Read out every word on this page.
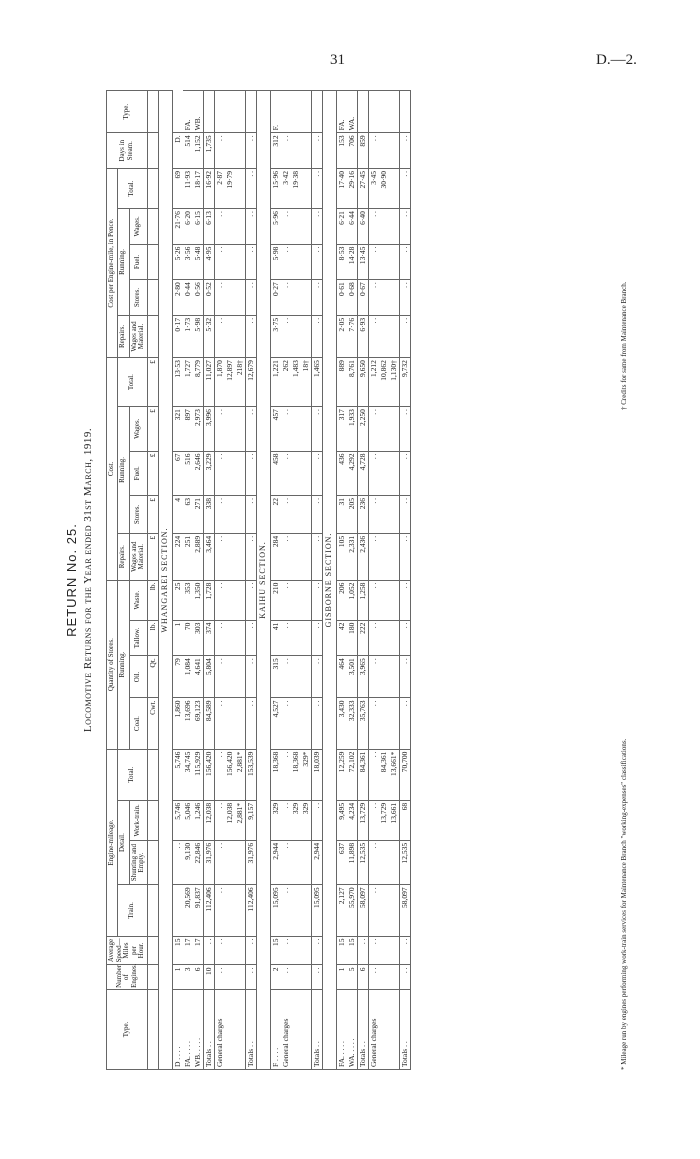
31	D.—2.
RETURN No. 25. Locomotive Returns for the Year ended 31st March, 1919.
Type.	Number of Engines.	Average Speed—Miles per Hour.	Engine-mileage.				Quantity of Stores.				Cost.					Cost per Engine-mile, in Pence.					Days in Steam.	Type.
			Train.	Detail.		Total.	Running.				Repairs.	Running.			Total.	Repairs.	Running.			Total.		
				Shunting and Empty.	Work-train.		Coal.	Oil.	Tallow.	Waste.	Wages and Material.	Stores.	Fuel.	Wages.		Wages and Material.	Stores.	Fuel.	Wages.			
							Cwt.	Qt.	lb.	lb.	£	£	£	£	£							
WHANGAREI SECTION.																						
D . . . .	1	15		. .	5,746	5,746	1,860	79	1	25	224	4	67	321	13·53	0·17	2·80	5·26	21·76	69	D.	
FA. . . . .	3	17	20,569	9,130	5,046	34,745	13,696	1,084	70	353	251	63	516	897	1,727	1·73	0·44	3·56	6·20	11·93	514	FA.
WB. . . . .	6	17	91,837	22,846	1,246	115,929	69,123	4,641	303	1,350	2,889	271	2,646	2,973	8,779	5·98	0·56	5·48	6·15	18·17	1,152	WB.
Totals . .	10	. .	112,406	31,976	12,038	156,420	84,589	5,804	374	1,728	3,464	338	3,229	3,996	11,027	5·32	0·52	4·95	6·13	16·92	1,735	
General charges	. .	. .	. .	. .	. .	. .	. .	. .	. .	. .	. .	. .	. .	. .	1,870	. .	. .	. .	. .	2·87	. .	
					12,038	156,420									12,897					19·79		
					2,881*	2,881*									218†							
Totals . .	. .	. .	112,406	31,976	9,157	153,539	. .	. .	. .	. .	. .	. .	. .	. .	12,679	. .	. .	. .	. .	. .	. .	
KAIHU SECTION.																						
F . . . .	2	15	15,095	2,944	329	18,368	4,527	315	41	210	284	22	458	457	1,221	3·75	0·27	5·98	5·96	15·96	312	F.
General charges	. .	. .	. .	. .	. .	. .	. .	. .	. .	. .	. .	. .	. .	. .	262	. .	. .	. .	. .	3·42	. .	
					329	18,368									1,483					19·38		
					329	329*									18†							
Totals . .	. .	. .	15,095	2,944	. .	18,039	. .	. .	. .	. .	. .	. .	. .	. .	1,465	. .	. .	. .	. .	. .	. .	
GISBORNE SECTION.																						
FA. . . . .	1	15	2,127	637	9,495	12,259	3,430	464	42	206	105	31	436	317	889	2·05	0·61	8·53	6·21	17·40	153	FA.
WA. . . . .	5	15	55,970	11,898	4,234	72,102	32,333	3,501	180	1,052	2,331	205	4,292	1,933	8,761	7·76	0·68	14·28	6·44	29·16	706	WA.
Totals . .	6	. .	58,097	12,535	13,729	84,361	35,763	3,965	222	1,258	2,436	236	4,728	2,250	9,650	6·93	0·67	13·45	6·40	27·45	859	
General charges	. .	. .	. .	. .	. .	. .	. .	. .	. .	. .	. .	. .	. .	. .	1,212	. .	. .	. .	. .	3·45	. .	
					13,729	84,361									10,862					30·90		
					13,661	13,661*									1,130†							
Totals . .	. .	. .	58,097	12,535	68	70,700	. .	. .	. .	. .	. .	. .	. .	. .	9,732	. .	. .	. .	. .	. .	. .	
* Mileage run by engines performing work-train services for Maintenance Branch "working-expenses" classifications.
† Credits for same from Maintenance Branch.
